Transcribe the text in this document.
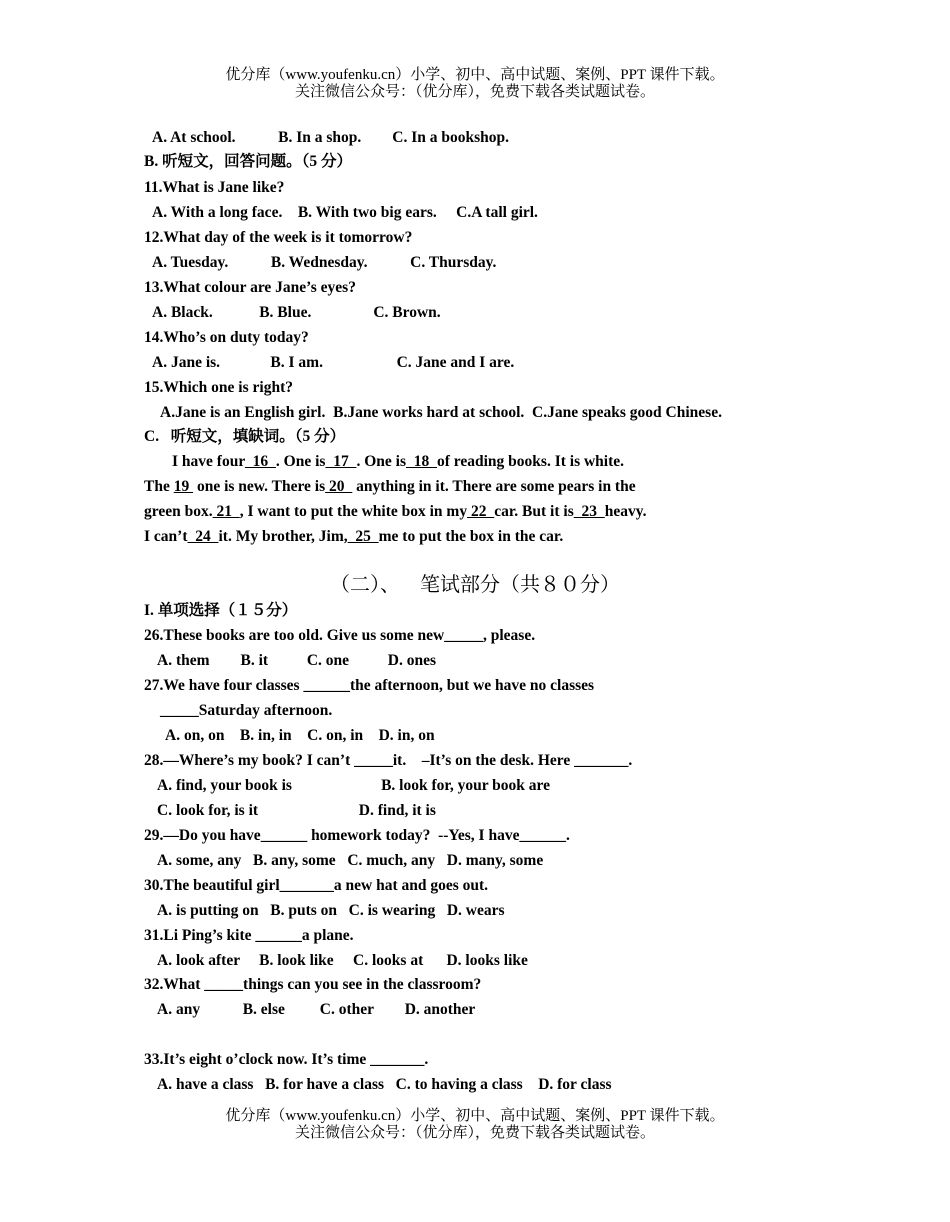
优分库（www.youfenku.cn）小学、初中、高中试题、案例、PPT 课件下载。
关注微信公众号：（优分库），免费下载各类试题试卷。
A. At school.           B. In a shop.        C. In a bookshop.
B. 听短文，回答问题。（5 分）
11.What is Jane like?
A. With a long face.    B. With two big ears.     C.A tall girl.
12.What day of the week is it tomorrow?
A. Tuesday.           B. Wednesday.           C. Thursday.
13.What colour are Jane’s eyes?
A. Black.            B. Blue.                C. Brown.
14.Who’s on duty today?
A. Jane is.             B. I am.                   C. Jane and I are.
15.Which one is right?
A.Jane is an English girl.  B.Jane works hard at school.  C.Jane speaks good Chinese.
C.   听短文，填缺词。（5 分）
I have four  16  . One is  17  . One is  18  of reading books. It is white.
The 19  one is new. There is 20   anything in it. There are some pears in the
green box. 21  , I want to put the white box in my 22  car. But it is  23  heavy.
I can’t  24  it. My brother, Jim,  25  me to put the box in the car.
（二）、    笔试部分（共８０分）
I. 单项选择（１５分）
26.These books are too old. Give us some new_____, please.
A. them        B. it          C. one          D. ones
27.We have four classes ______the afternoon, but we have no classes
_____Saturday afternoon.
A. on, on    B. in, in    C. on, in    D. in, on
28.—Where’s my book? I can’t _____it.    –It’s on the desk. Here _______.
A. find, your book is                       B. look for, your book are
C. look for, is it                          D. find, it is
29.—Do you have______ homework today?  --Yes, I have______.
A. some, any   B. any, some   C. much, any   D. many, some
30.The beautiful girl_______a new hat and goes out.
A. is putting on   B. puts on   C. is wearing   D. wears
31.Li Ping’s kite ______a plane.
A. look after     B. look like     C. looks at      D. looks like
32.What _____things can you see in the classroom?
A. any           B. else         C. other        D. another
33.It’s eight o’clock now. It’s time _______.
A. have a class   B. for have a class   C. to having a class    D. for class
优分库（www.youfenku.cn）小学、初中、高中试题、案例、PPT 课件下载。
关注微信公众号：（优分库），免费下载各类试题试卷。
